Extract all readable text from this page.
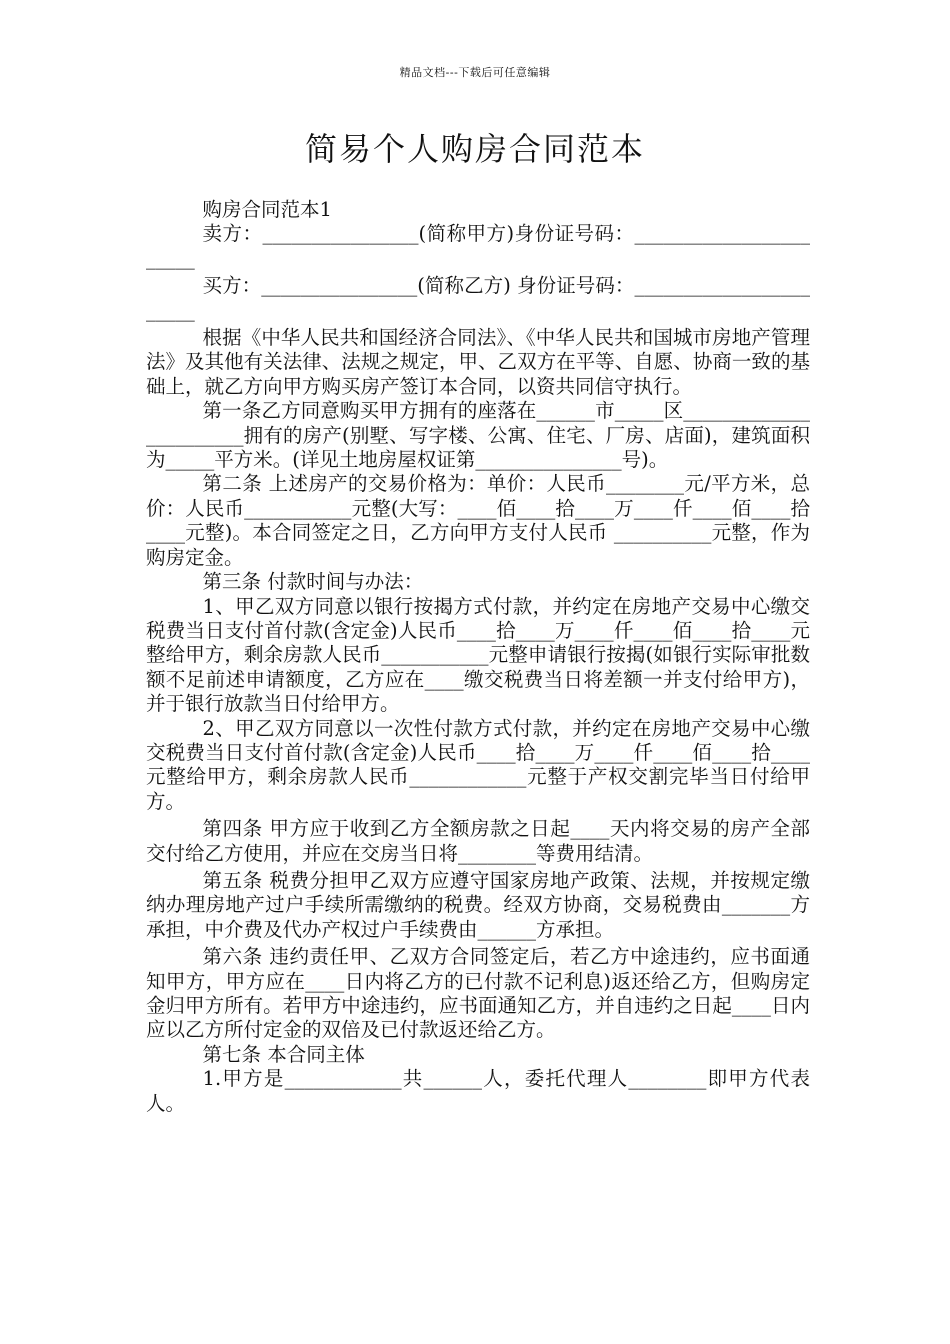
精品文档---下载后可任意编辑
简易个人购房合同范本

购房合同范本1

卖方：________________(简称甲方)身份证号码：_______________________

买方：________________(简称乙方) 身份证号码：_______________________

根据《中华人民共和国经济合同法》、《中华人民共和国城市房地产管理法》及其他有关法律、法规之规定，甲、乙双方在平等、自愿、协商一致的基础上，就乙方向甲方购买房产签订本合同，以资共同信守执行。

第一条乙方同意购买甲方拥有的座落在______市_____区_______________________拥有的房产(别墅、写字楼、公寓、住宅、厂房、店面)，建筑面积为_____平方米。(详见土地房屋权证第_______________号)。

第二条 上述房产的交易价格为：单价：人民币________元/平方米，总价：人民币___________元整(大写：____佰____拾____万____仟____佰____拾____元整)。本合同签定之日，乙方向甲方支付人民币 __________元整，作为购房定金。

第三条 付款时间与办法：

1、甲乙双方同意以银行按揭方式付款，并约定在房地产交易中心缴交税费当日支付首付款(含定金)人民币____拾____万____仟____佰____拾____元整给甲方，剩余房款人民币___________元整申请银行按揭(如银行实际审批数额不足前述申请额度，乙方应在____缴交税费当日将差额一并支付给甲方)，并于银行放款当日付给甲方。

2、甲乙双方同意以一次性付款方式付款，并约定在房地产交易中心缴交税费当日支付首付款(含定金)人民币____拾____万____仟____佰____拾____元整给甲方，剩余房款人民币____________元整于产权交割完毕当日付给甲方。

第四条 甲方应于收到乙方全额房款之日起____天内将交易的房产全部交付给乙方使用，并应在交房当日将________等费用结清。

第五条 税费分担甲乙双方应遵守国家房地产政策、法规，并按规定缴纳办理房地产过户手续所需缴纳的税费。经双方协商，交易税费由_______方承担，中介费及代办产权过户手续费由______方承担。

第六条 违约责任甲、乙双方合同签定后，若乙方中途违约，应书面通知甲方，甲方应在____日内将乙方的已付款不记利息)返还给乙方，但购房定金归甲方所有。若甲方中途违约，应书面通知乙方，并自违约之日起____日内应以乙方所付定金的双倍及已付款返还给乙方。

第七条 本合同主体

1.甲方是____________共______人，委托代理人________即甲方代表人。
